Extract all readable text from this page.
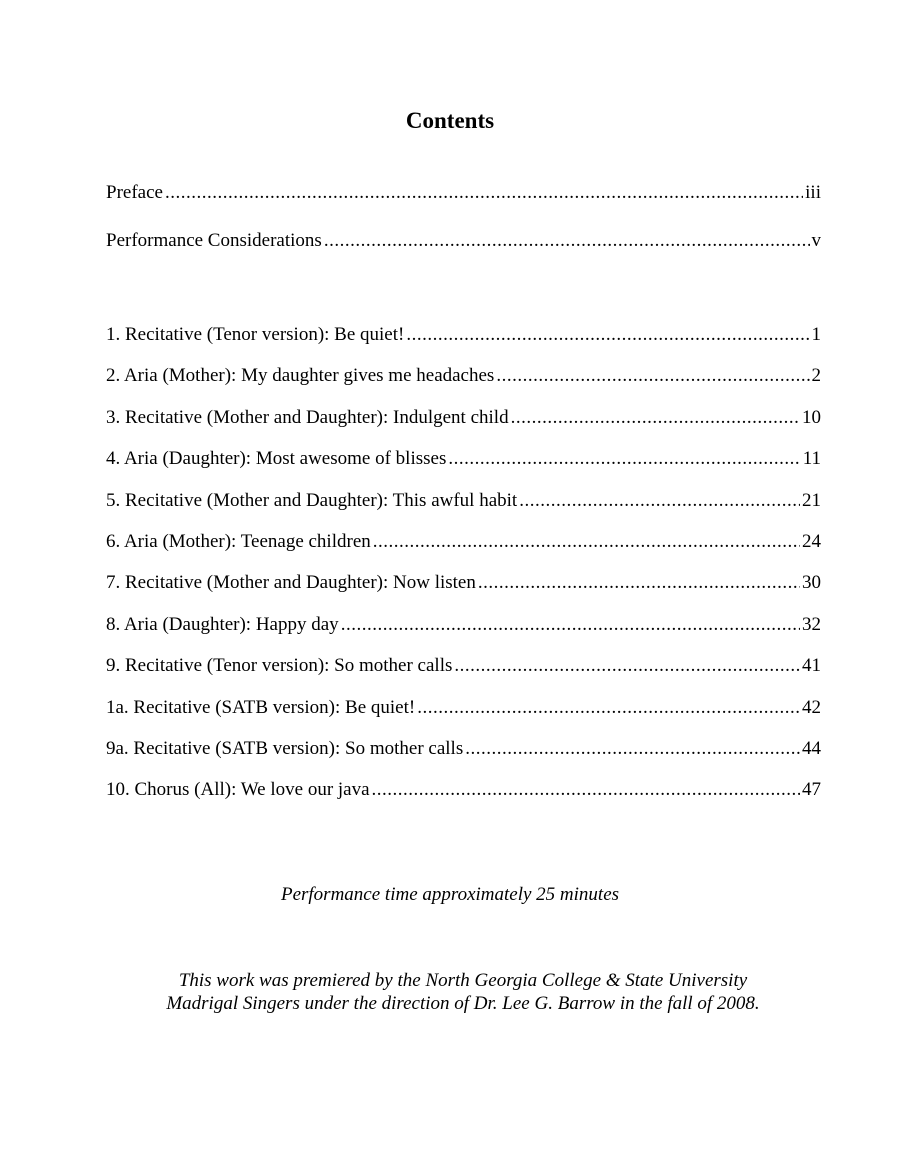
Contents
Preface .....	iii
Performance Considerations .....	v
1. Recitative (Tenor version): Be quiet! .....	1
2. Aria (Mother): My daughter gives me headaches .....	2
3. Recitative (Mother and Daughter): Indulgent child .....	10
4. Aria (Daughter): Most awesome of blisses .....	11
5. Recitative (Mother and Daughter): This awful habit .....	21
6. Aria (Mother): Teenage children .....	24
7. Recitative (Mother and Daughter): Now listen .....	30
8. Aria (Daughter): Happy day .....	32
9. Recitative (Tenor version): So mother calls .....	41
1a. Recitative (SATB version): Be quiet! .....	42
9a. Recitative (SATB version): So mother calls .....	44
10. Chorus (All): We love our java .....	47
Performance time approximately 25 minutes
This work was premiered by the North Georgia College & State University
Madrigal Singers under the direction of Dr. Lee G. Barrow in the fall of 2008.
